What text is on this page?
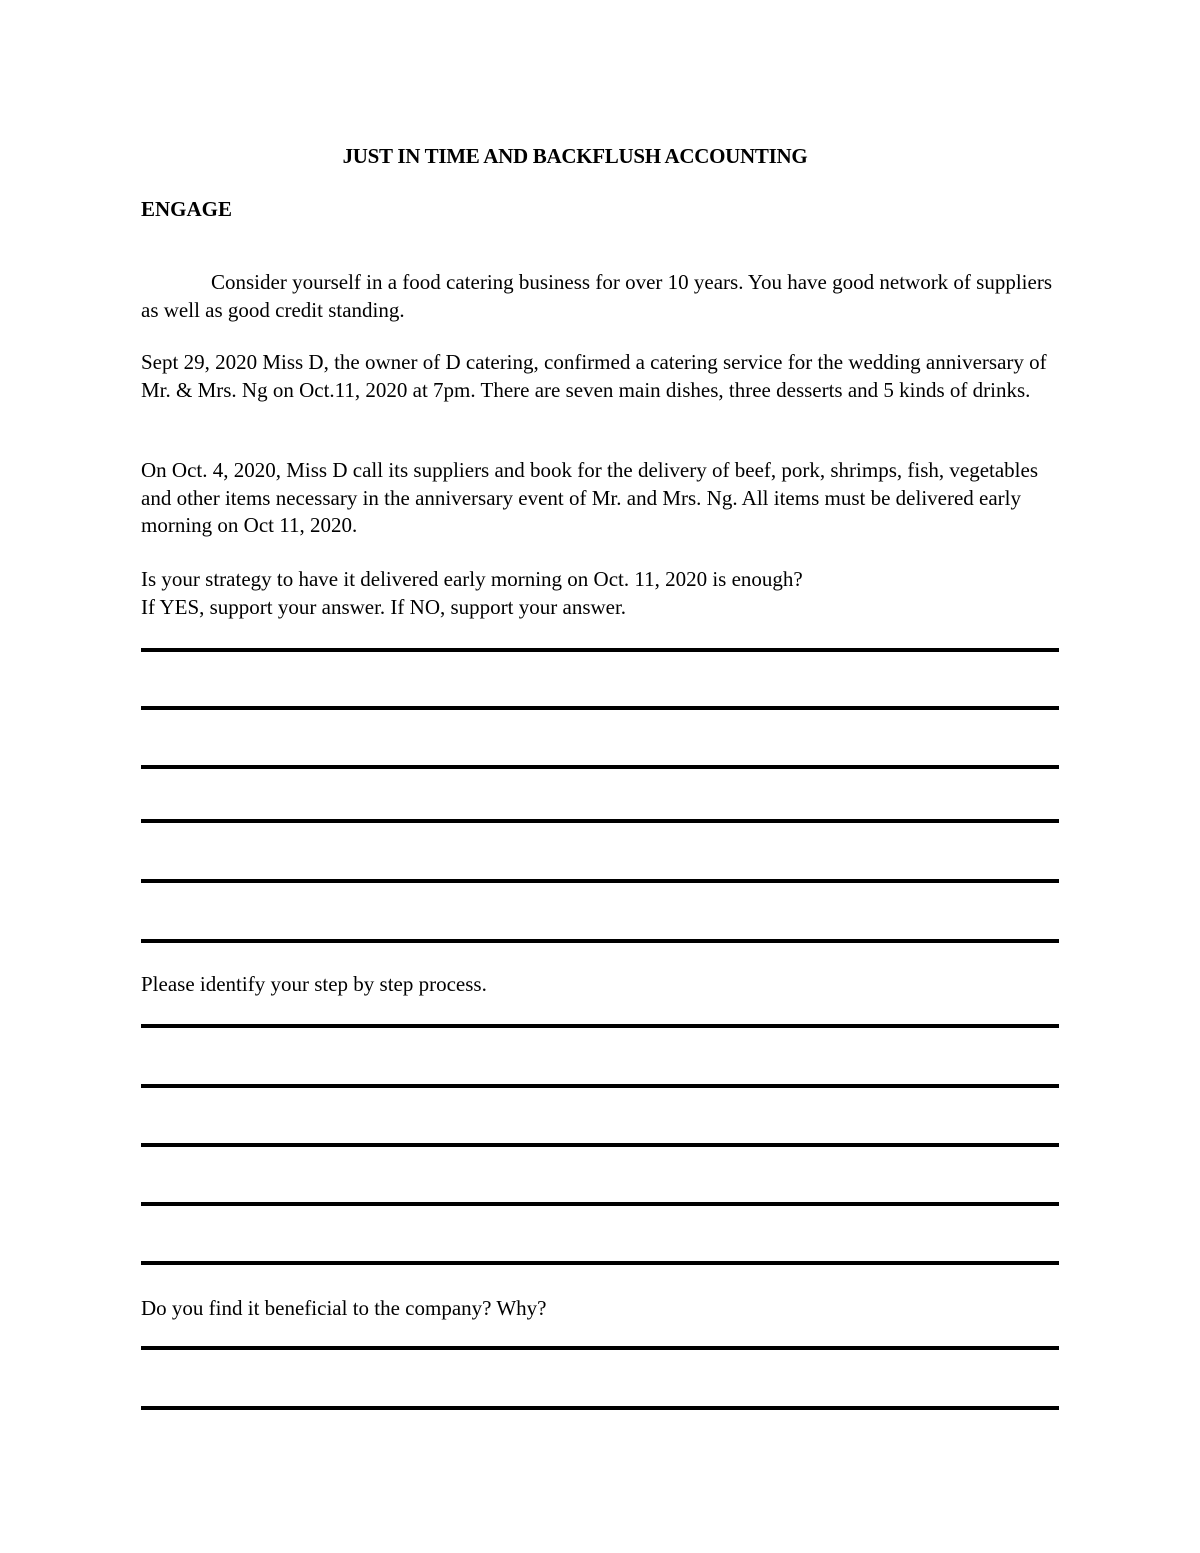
JUST IN TIME AND BACKFLUSH ACCOUNTING
ENGAGE

Consider yourself in a food catering business for over 10 years. You have good network of suppliers as well as good credit standing.

Sept 29, 2020 Miss D, the owner of D catering, confirmed a catering service for the wedding anniversary of Mr. & Mrs. Ng on Oct.11, 2020 at 7pm. There are seven main dishes, three desserts and 5 kinds of drinks.

On Oct. 4, 2020, Miss D call its suppliers and book for the delivery of beef, pork, shrimps, fish, vegetables and other items necessary in the anniversary event of Mr. and Mrs. Ng. All items must be delivered early morning on Oct 11, 2020.

Is your strategy to have it delivered early morning on Oct. 11, 2020 is enough?
If YES, support your answer. If NO, support your answer.

Please identify your step by step process.

Do you find it beneficial to the company? Why?
